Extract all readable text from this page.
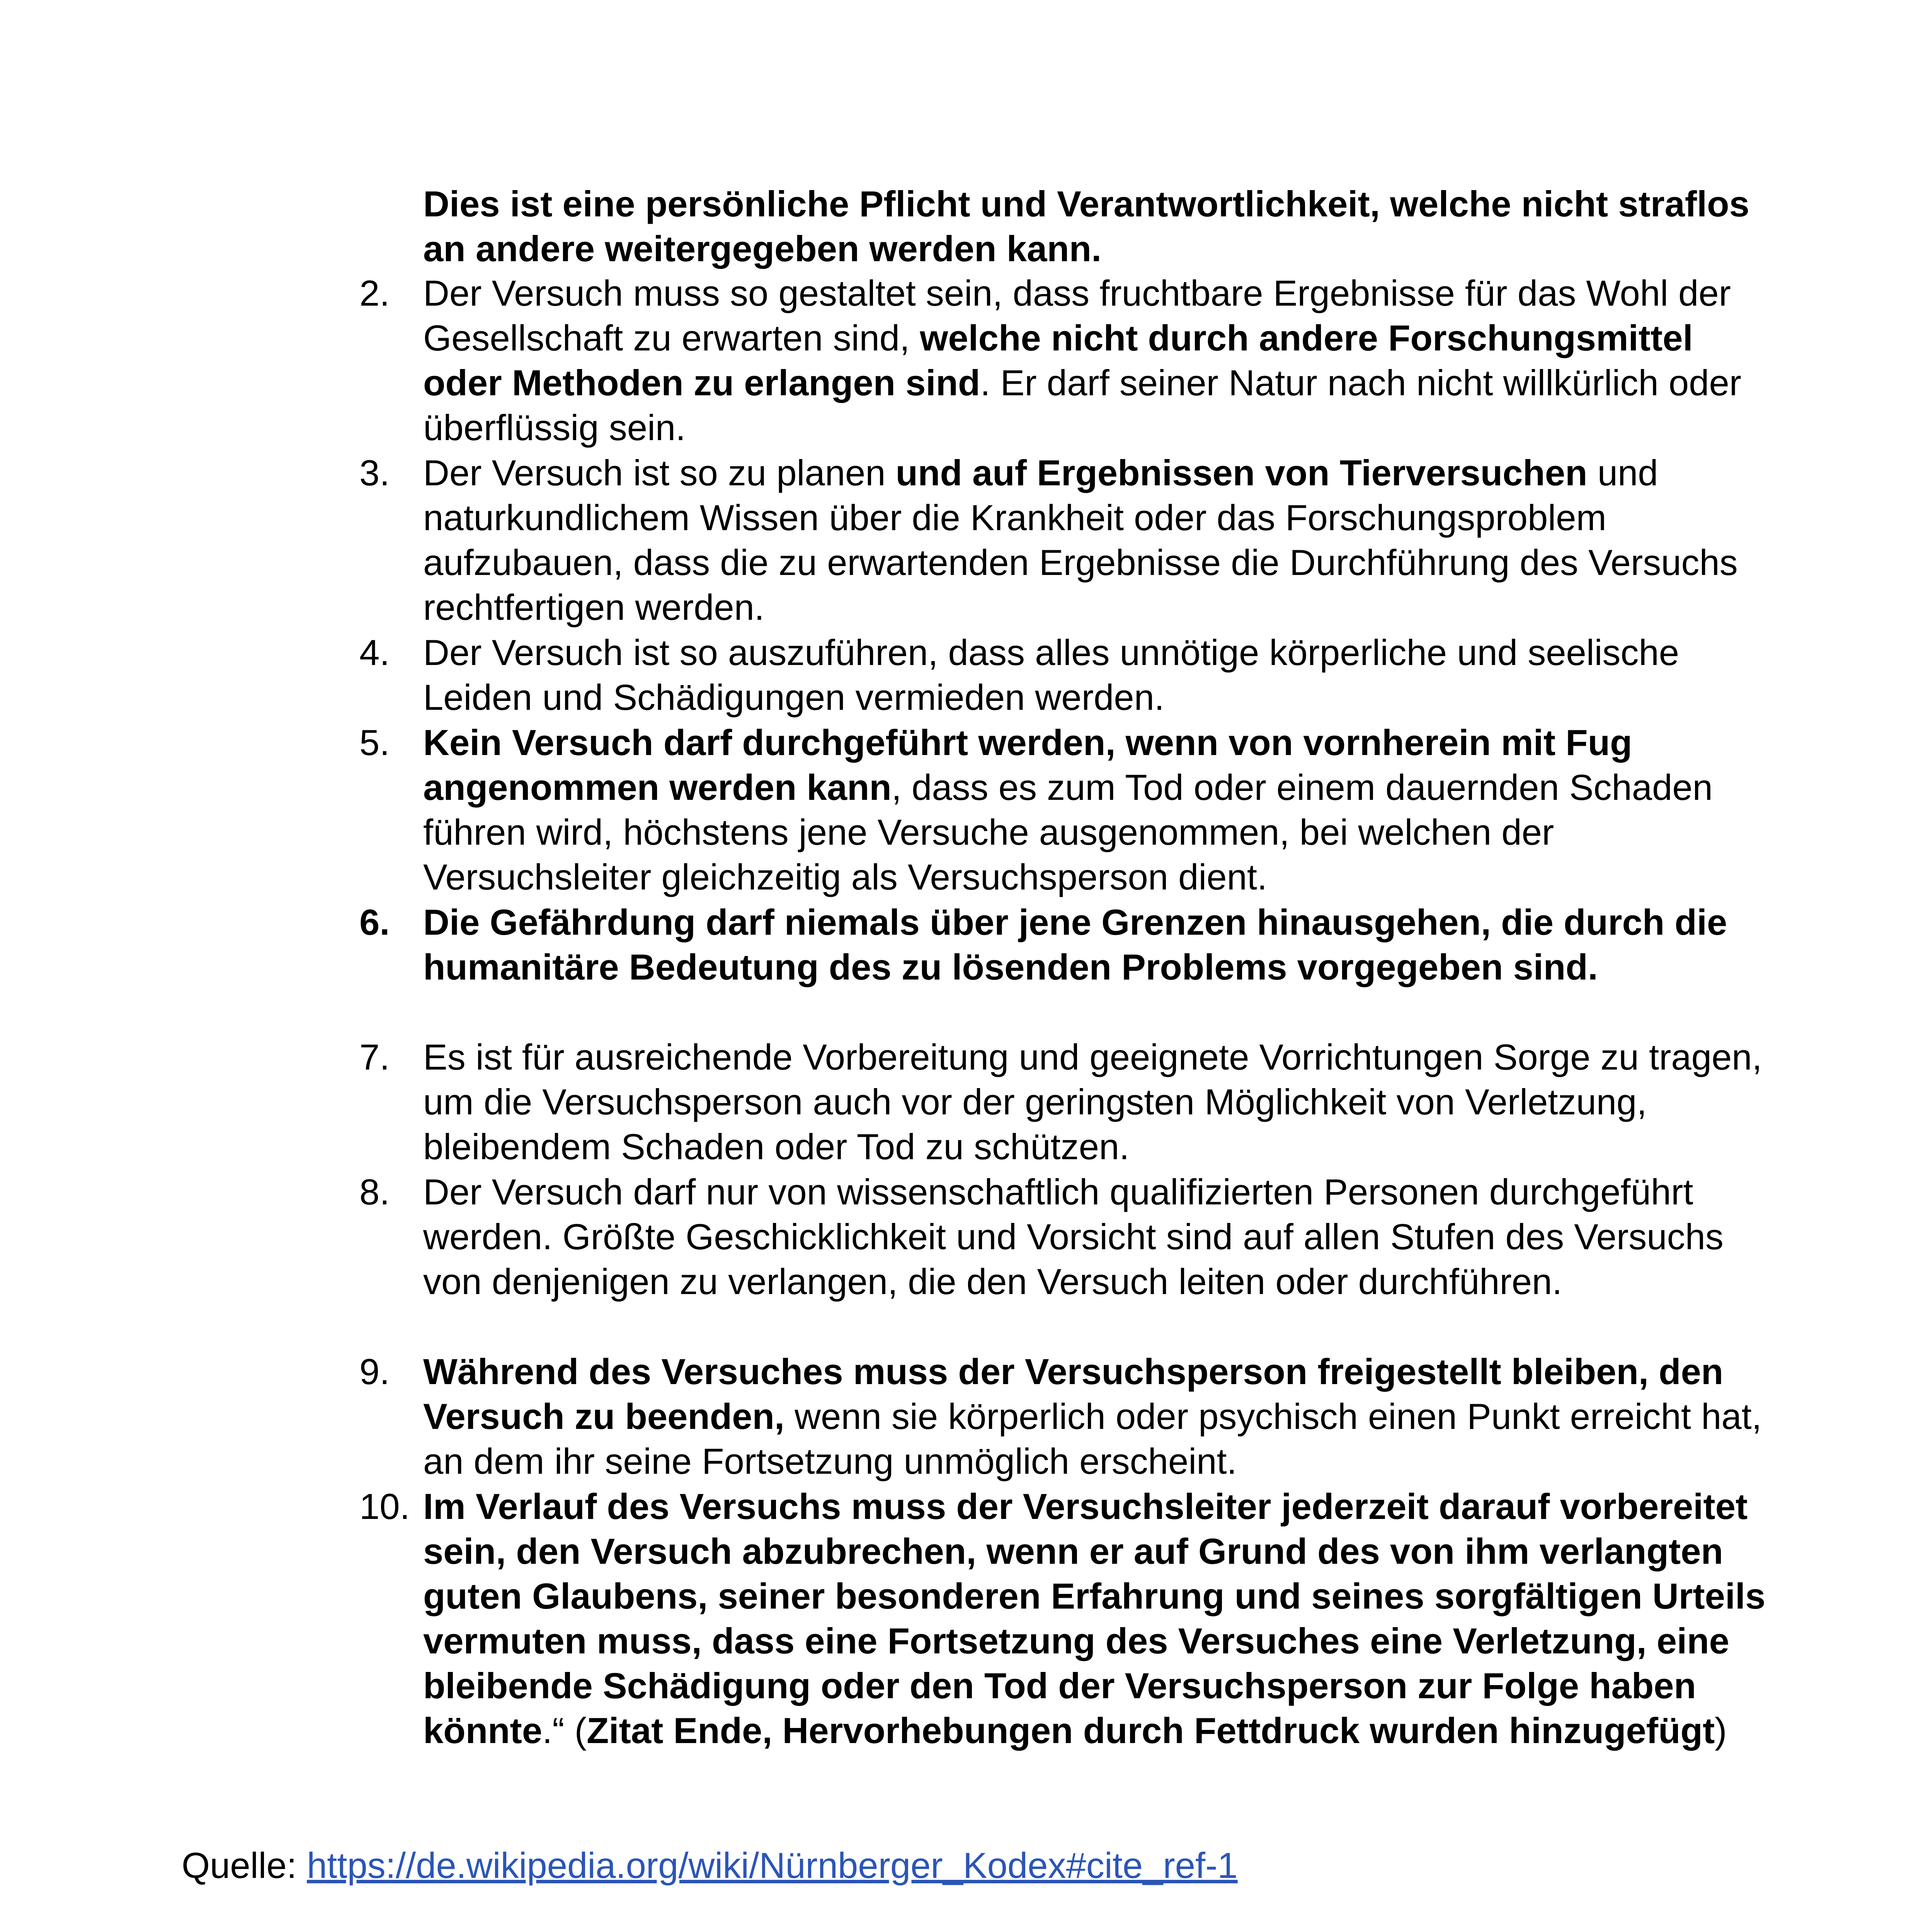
Dies ist eine persönliche Pflicht und Verantwortlichkeit, welche nicht straflos an andere weitergegeben werden kann.
2. Der Versuch muss so gestaltet sein, dass fruchtbare Ergebnisse für das Wohl der Gesellschaft zu erwarten sind, welche nicht durch andere Forschungsmittel oder Methoden zu erlangen sind. Er darf seiner Natur nach nicht willkürlich oder überflüssig sein.
3. Der Versuch ist so zu planen und auf Ergebnissen von Tierversuchen und naturkundlichem Wissen über die Krankheit oder das Forschungsproblem aufzubauen, dass die zu erwartenden Ergebnisse die Durchführung des Versuchs rechtfertigen werden.
4. Der Versuch ist so auszuführen, dass alles unnötige körperliche und seelische Leiden und Schädigungen vermieden werden.
5. Kein Versuch darf durchgeführt werden, wenn von vornherein mit Fug angenommen werden kann, dass es zum Tod oder einem dauernden Schaden führen wird, höchstens jene Versuche ausgenommen, bei welchen der Versuchsleiter gleichzeitig als Versuchsperson dient.
6. Die Gefährdung darf niemals über jene Grenzen hinausgehen, die durch die humanitäre Bedeutung des zu lösenden Problems vorgegeben sind.
7. Es ist für ausreichende Vorbereitung und geeignete Vorrichtungen Sorge zu tragen, um die Versuchsperson auch vor der geringsten Möglichkeit von Verletzung, bleibendem Schaden oder Tod zu schützen.
8. Der Versuch darf nur von wissenschaftlich qualifizierten Personen durchgeführt werden. Größte Geschicklichkeit und Vorsicht sind auf allen Stufen des Versuchs von denjenigen zu verlangen, die den Versuch leiten oder durchführen.
9. Während des Versuches muss der Versuchsperson freigestellt bleiben, den Versuch zu beenden, wenn sie körperlich oder psychisch einen Punkt erreicht hat, an dem ihr seine Fortsetzung unmöglich erscheint.
10. Im Verlauf des Versuchs muss der Versuchsleiter jederzeit darauf vorbereitet sein, den Versuch abzubrechen, wenn er auf Grund des von ihm verlangten guten Glaubens, seiner besonderen Erfahrung und seines sorgfältigen Urteils vermuten muss, dass eine Fortsetzung des Versuches eine Verletzung, eine bleibende Schädigung oder den Tod der Versuchsperson zur Folge haben könnte.“ (Zitat Ende, Hervorhebungen durch Fettdruck wurden hinzugefügt)
Quelle: https://de.wikipedia.org/wiki/Nürnberger_Kodex#cite_ref-1
